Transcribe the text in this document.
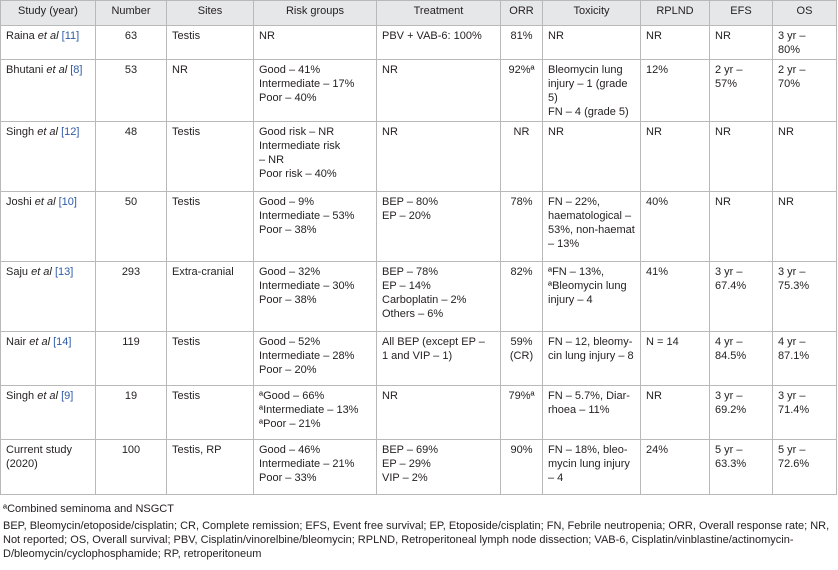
Study (year)	Number	Sites	Risk groups	Treatment	ORR	Toxicity	RPLND	EFS	OS
Raina et al [11]	63	Testis	NR	PBV + VAB-6: 100%	81%	NR	NR	NR	3 yr –
80%

Bhutani et al [8]	53	NR	Good – 41%
Intermediate – 17%
Poor – 40%	NR	92%ª	Bleomycin lung
injury – 1 (grade 5)
FN – 4 (grade 5)	12%	2 yr –
57%	2 yr –
70%

Singh et al [12]	48	Testis	Good risk – NR
Intermediate risk
– NR
Poor risk – 40%	NR	NR	NR	NR	NR	NR

Joshi et al [10]	50	Testis	Good – 9%
Intermediate – 53%
Poor – 38%	BEP – 80%
EP – 20%	78%	FN – 22%,
haematological –
53%, non-haemat
– 13%	40%	NR	NR

Saju et al [13]	293	Extra-cranial	Good – 32%
Intermediate – 30%
Poor – 38%	BEP – 78%
EP – 14%
Carboplatin – 2%
Others – 6%	82%	ªFN – 13%,
ªBleomycin lung
injury – 4	41%	3 yr –
67.4%	3 yr –
75.3%

Nair et al [14]	119	Testis	Good – 52%
Intermediate – 28%
Poor – 20%	All BEP (except EP –
1 and VIP – 1)	59% (CR)	FN – 12, bleomy-
cin lung injury – 8	N = 14	4 yr –
84.5%	4 yr –
87.1%

Singh et al [9]	19	Testis	ªGood – 66%
ªIntermediate – 13%
ªPoor – 21%	NR	79%ª	FN – 5.7%, Diar-
rhoea – 11%	NR	3 yr –
69.2%	3 yr –
71.4%

Current study (2020)	100	Testis, RP	Good – 46%
Intermediate – 21%
Poor – 33%	BEP – 69%
EP – 29%
VIP – 2%	90%	FN – 18%, bleo-
mycin lung injury
– 4	24%	5 yr –
63.3%	5 yr –
72.6%
ªCombined seminoma and NSGCT
BEP, Bleomycin/etoposide/cisplatin; CR, Complete remission; EFS, Event free survival; EP, Etoposide/cisplatin; FN, Febrile neutropenia; ORR, Overall response rate; NR, Not reported; OS, Overall survival; PBV, Cisplatin/vinorelbine/bleomycin; RPLND, Retroperitoneal lymph node dissection; VAB-6, Cisplatin/vinblastine/actinomycin-D/bleomycin/cyclophosphamide; RP, retroperitoneum
